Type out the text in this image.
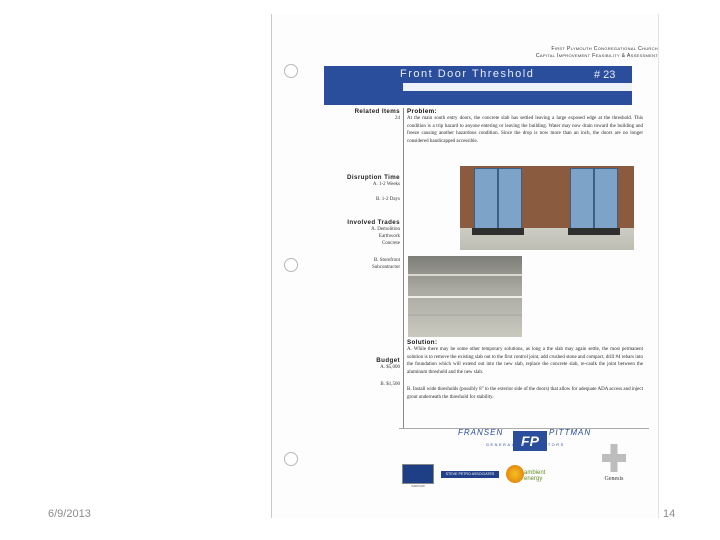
First Plymouth Congregational Church
Capital Improvement Feasibility & Assessment
Front Door Threshold	# 23
Related Items
24
Disruption Time
A. 1-2 Weeks
B. 1-2 Days
Involved Trades
A. Demolition
Earthwork
Concrete
B. Storefront
Subcontractor
Budget
A. $5,000
B. $1,500
Problem:
At the main south entry doors, the concrete slab has settled leaving a large exposed edge at the threshold. This condition is a trip hazard to anyone entering or leaving the building. Water may now drain toward the building and freeze causing another hazardous condition. Since the drop is now more than an inch, the doors are no longer considered handicapped accessible.
Solution:
A. While there may be some other temporary solutions, as long a the slab may again settle, the most permanent solution is to remove the existing slab out to the first control joint, add crushed stone and compact, drill #4 rebars into the foundation which will extend out into the new slab, replace the concrete slab, re-caulk the joint between the aluminum threshold and the new slab.
B. Install wide thresholds (possibly 8" to the exterior side of the doors) that allow for adequate ADA access and inject grout underneath the threshold for stability.
FRANSEN
FP
PITTMAN
GENERAL CONTRACTORS
SARCHW
STEVE PETRO ASSOCIATES	ambient energy	Genesis
6/9/2013	14
